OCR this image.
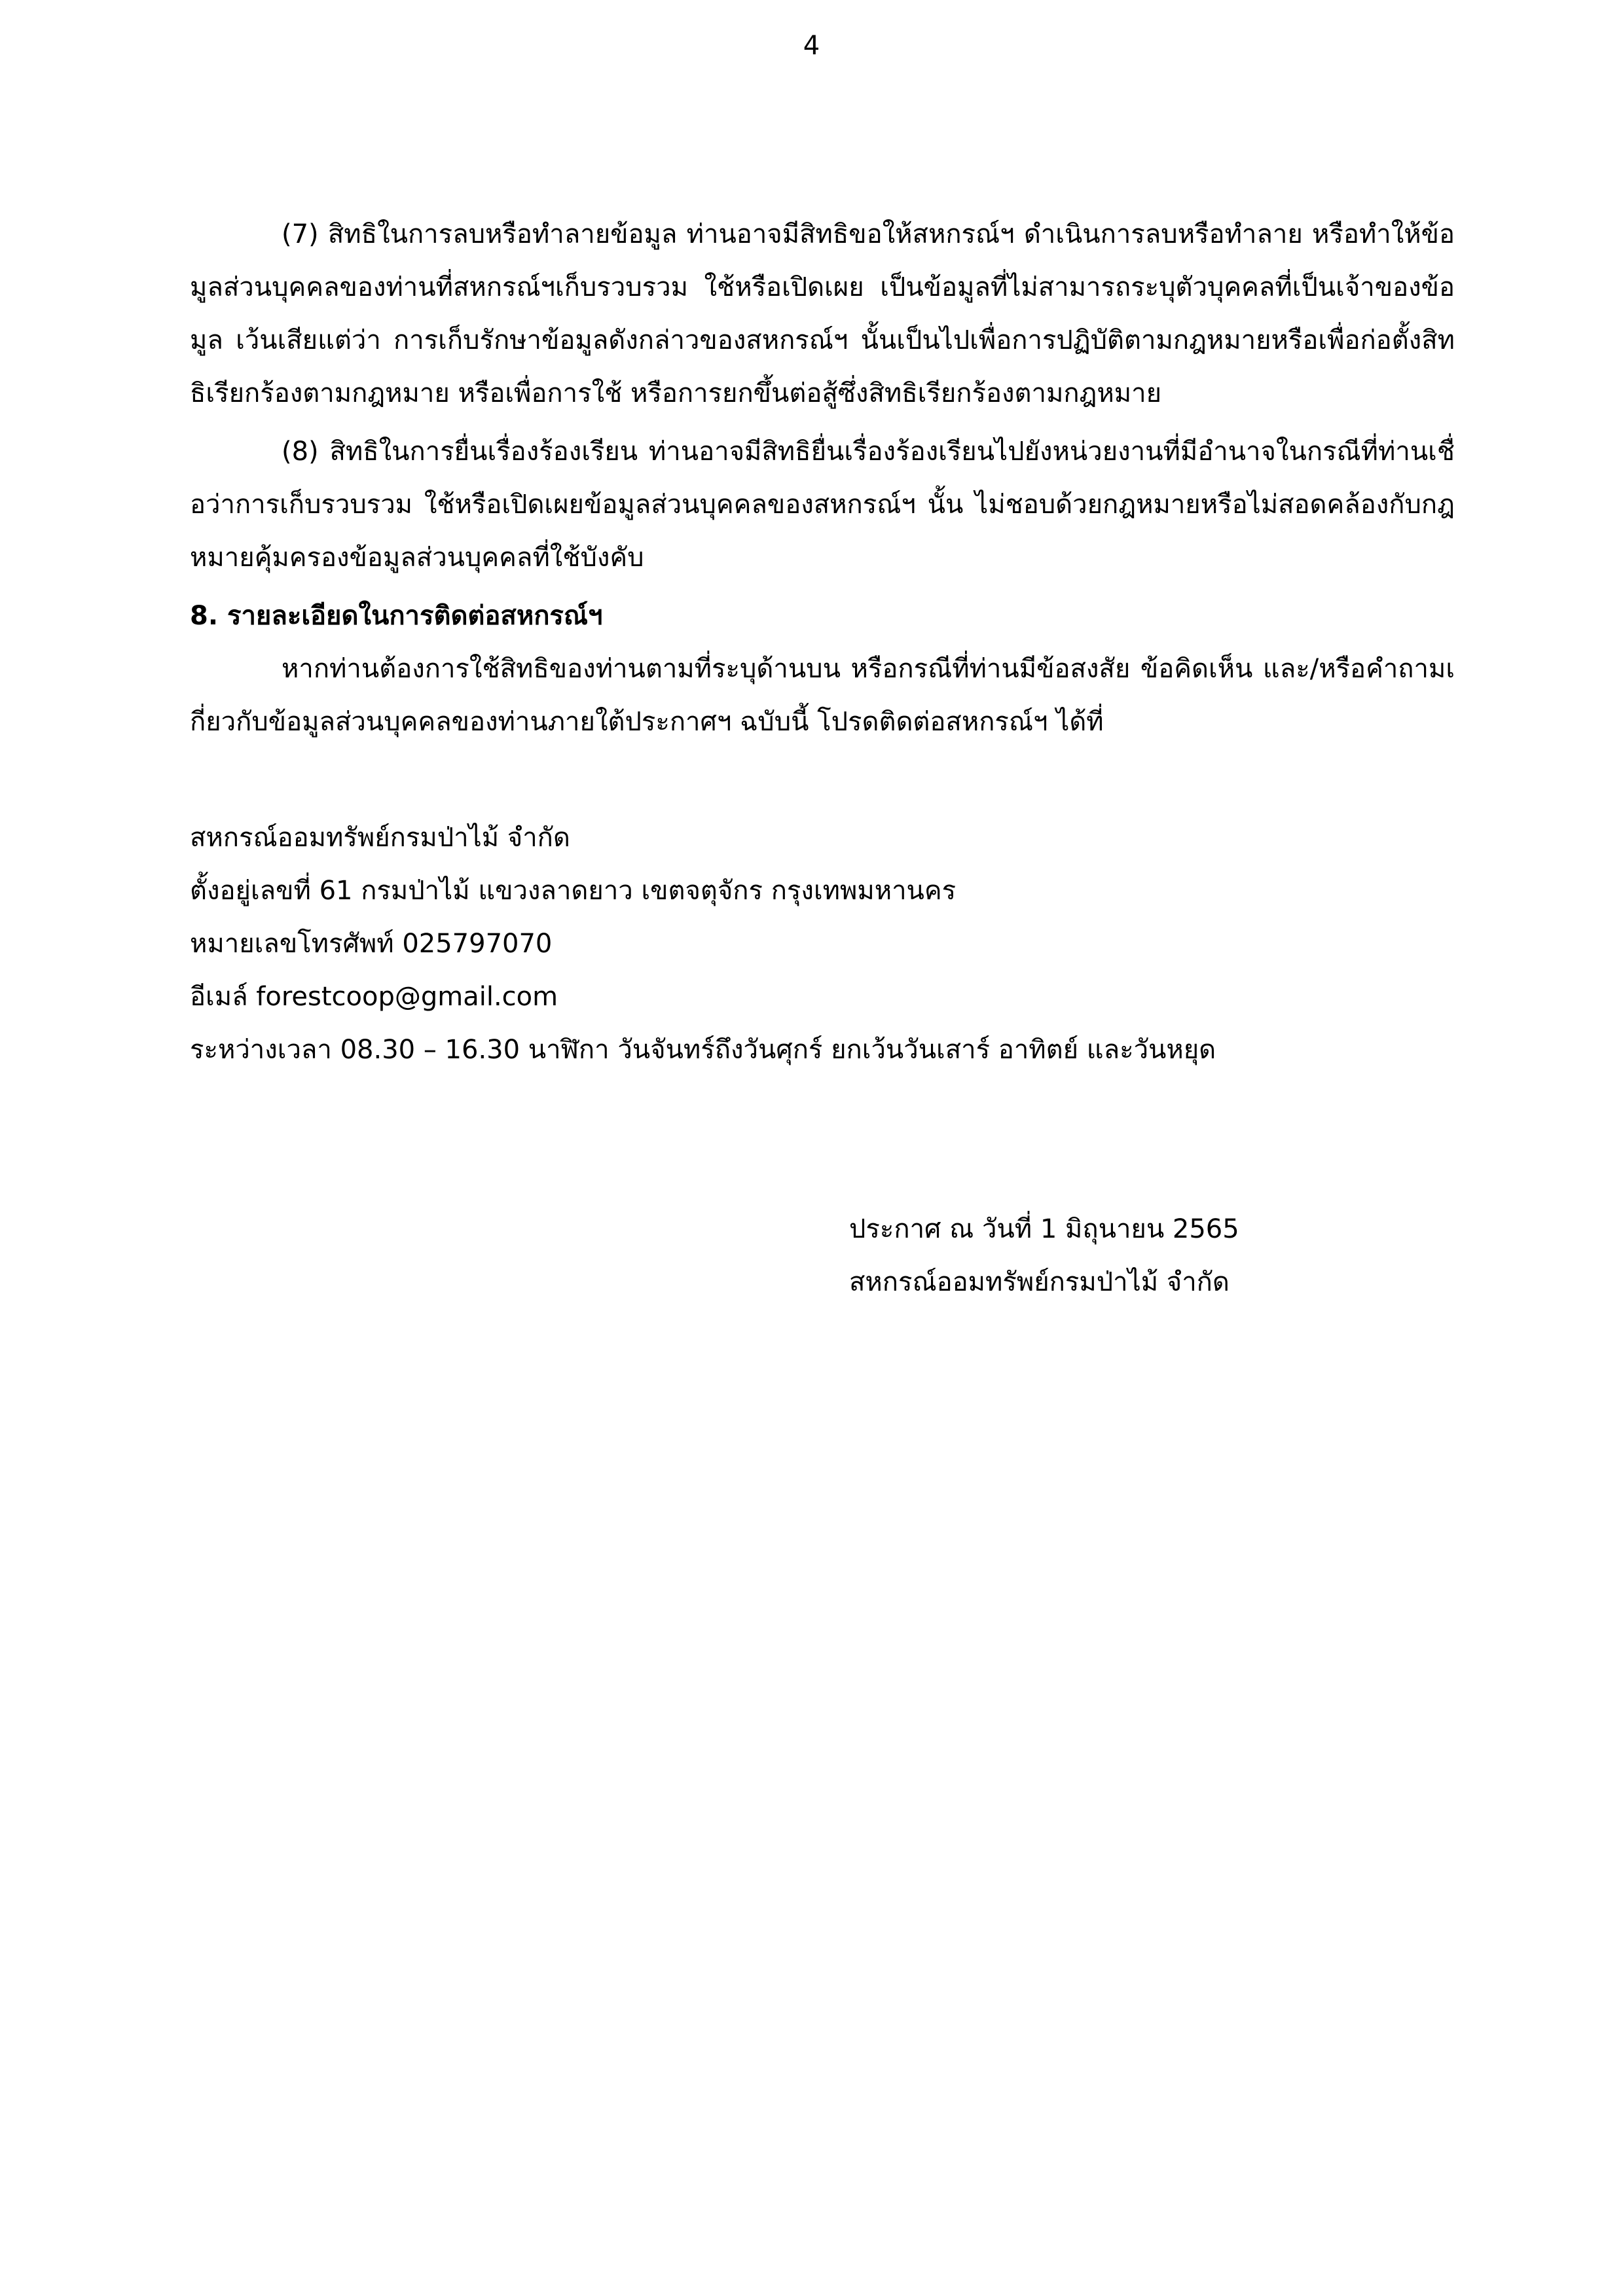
4

(7) สิทธิในการลบหรือทำลายข้อมูล ท่านอาจมีสิทธิขอให้สหกรณ์ฯ ดำเนินการลบหรือทำลาย หรือทำให้ข้อมูลส่วนบุคคลของท่านที่สหกรณ์ฯเก็บรวบรวม ใช้หรือเปิดเผย เป็นข้อมูลที่ไม่สามารถระบุตัวบุคคลที่เป็นเจ้าของข้อมูล เว้นเสียแต่ว่า การเก็บรักษาข้อมูลดังกล่าวของสหกรณ์ฯ นั้นเป็นไปเพื่อการปฏิบัติตามกฎหมายหรือเพื่อก่อตั้งสิทธิเรียกร้องตามกฎหมาย หรือเพื่อการใช้ หรือการยกขึ้นต่อสู้ซึ่งสิทธิเรียกร้องตามกฎหมาย

(8) สิทธิในการยื่นเรื่องร้องเรียน ท่านอาจมีสิทธิยื่นเรื่องร้องเรียนไปยังหน่วยงานที่มีอำนาจในกรณีที่ท่านเชื่อว่าการเก็บรวบรวม ใช้หรือเปิดเผยข้อมูลส่วนบุคคลของสหกรณ์ฯ นั้น ไม่ชอบด้วยกฎหมายหรือไม่สอดคล้องกับกฎหมายคุ้มครองข้อมูลส่วนบุคคลที่ใช้บังคับ

8. รายละเอียดในการติดต่อสหกรณ์ฯ

หากท่านต้องการใช้สิทธิของท่านตามที่ระบุด้านบน หรือกรณีที่ท่านมีข้อสงสัย ข้อคิดเห็น และ/หรือคำถามเกี่ยวกับข้อมูลส่วนบุคคลของท่านภายใต้ประกาศฯ ฉบับนี้ โปรดติดต่อสหกรณ์ฯ ได้ที่

สหกรณ์ออมทรัพย์กรมป่าไม้ จำกัด
ตั้งอยู่เลขที่ 61 กรมป่าไม้ แขวงลาดยาว เขตจตุจักร กรุงเทพมหานคร
หมายเลขโทรศัพท์ 025797070
อีเมล์ forestcoop@gmail.com
ระหว่างเวลา 08.30 – 16.30 นาฬิกา วันจันทร์ถึงวันศุกร์ ยกเว้นวันเสาร์ อาทิตย์ และวันหยุด
ประกาศ ณ วันที่ 1 มิถุนายน 2565
สหกรณ์ออมทรัพย์กรมป่าไม้ จำกัด
